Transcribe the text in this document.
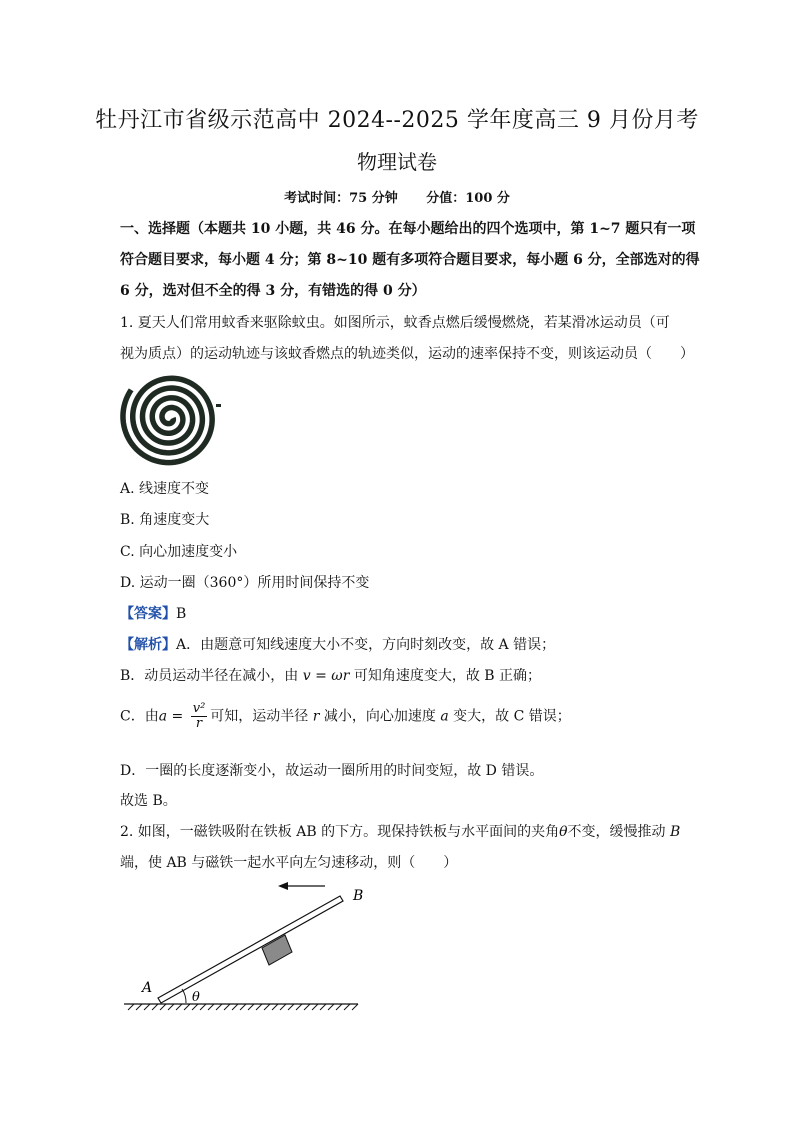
牡丹江市省级示范高中 2024--2025 学年度高三 9 月份月考
物理试卷
考试时间：75 分钟 分值：100 分
一、选择题（本题共 10 小题，共 46 分。在每小题给出的四个选项中，第 1~7 题只有一项
符合题目要求，每小题 4 分；第 8~10 题有多项符合题目要求，每小题 6 分，全部选对的得
6 分，选对但不全的得 3 分，有错选的得 0 分）
1. 夏天人们常用蚊香来驱除蚊虫。如图所示，蚊香点燃后缓慢燃烧，若某滑冰运动员（可
视为质点）的运动轨迹与该蚊香燃点的轨迹类似，运动的速率保持不变，则该运动员（　　）
A. 线速度不变
B. 角速度变大
C. 向心加速度变小
D. 运动一圈（360°）所用时间保持不变
【答案】B
【解析】A．由题意可知线速度大小不变，方向时刻改变，故 A 错误；
B．动员运动半径在减小，由 v = ωr 可知角速度变大，故 B 正确；
C．由$a = \frac{\text{v²}}{r}$ 可知，运动半径 r 减小，向心加速度 a 变大，故 C 错误；
D．一圈的长度逐渐变小，故运动一圈所用的时间变短，故 D 错误。
故选 B。
2. 如图，一磁铁吸附在铁板 AB 的下方。现保持铁板与水平面间的夹角θ不变，缓慢推动 B
端，使 AB 与磁铁一起水平向左匀速移动，则（　　）
A
B
θ
